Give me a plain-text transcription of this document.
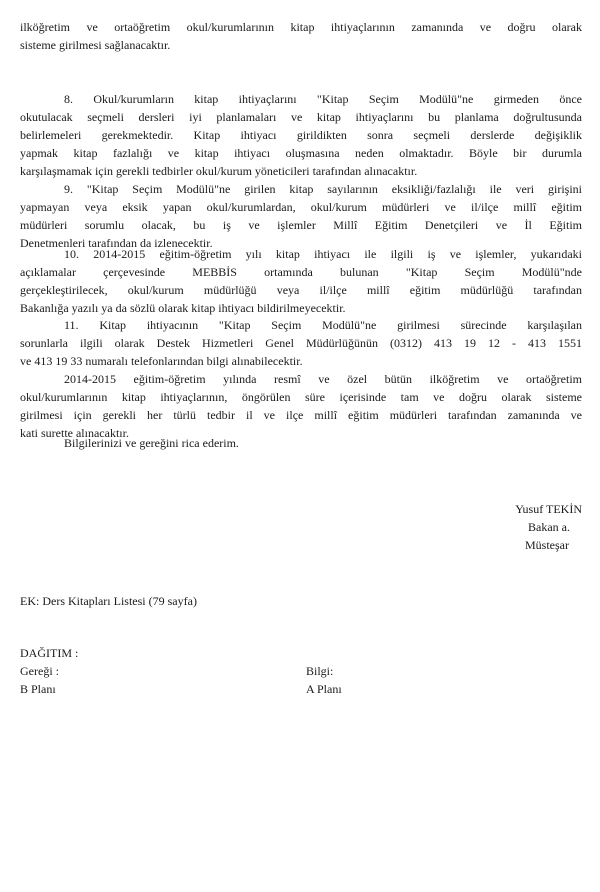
ilköğretim ve ortaöğretim okul/kurumlarının kitap ihtiyaçlarının zamanında ve doğru olarak
sisteme girilmesi sağlanacaktır.
8. Okul/kurumların kitap ihtiyaçlarını "Kitap Seçim Modülü"ne girmeden önce
okutulacak seçmeli dersleri iyi planlamaları ve kitap ihtiyaçlarını bu planlama doğrultusunda
belirlemeleri gerekmektedir. Kitap ihtiyacı girildikten sonra seçmeli derslerde değişiklik
yapmak kitap fazlalığı ve kitap ihtiyacı oluşmasına neden olmaktadır. Böyle bir durumla
karşılaşmamak için gerekli tedbirler okul/kurum yöneticileri tarafından alınacaktır.
9. "Kitap Seçim Modülü"ne girilen kitap sayılarının eksikliği/fazlalığı ile veri girişini
yapmayan veya eksik yapan okul/kurumlardan, okul/kurum müdürleri ve il/ilçe millî eğitim
müdürleri sorumlu olacak, bu iş ve işlemler Millî Eğitim Denetçileri ve İl Eğitim
Denetmenleri tarafından da izlenecektir.
10. 2014-2015 eğitim-öğretim yılı kitap ihtiyacı ile ilgili iş ve işlemler, yukarıdaki
açıklamalar çerçevesinde MEBBİS ortamında bulunan "Kitap Seçim Modülü"nde
gerçekleştirilecek, okul/kurum müdürlüğü veya il/ilçe millî eğitim müdürlüğü tarafından
Bakanlığa yazılı ya da sözlü olarak kitap ihtiyacı bildirilmeyecektir.
11. Kitap ihtiyacının "Kitap Seçim Modülü"ne girilmesi sürecinde karşılaşılan
sorunlarla ilgili olarak Destek Hizmetleri Genel Müdürlüğünün (0312) 413 19 12 - 413 1551
ve 413 19 33 numaralı telefonlarından bilgi alınabilecektir.
2014-2015 eğitim-öğretim yılında resmî ve özel bütün ilköğretim ve ortaöğretim
okul/kurumlarının kitap ihtiyaçlarının, öngörülen süre içerisinde tam ve doğru olarak sisteme
girilmesi için gerekli her türlü tedbir il ve ilçe millî eğitim müdürleri tarafından zamanında ve
kati surette alınacaktır.
Bilgilerinizi ve gereğini rica ederim.
Yusuf TEKİN
Bakan a.
Müsteşar
EK: Ders Kitapları Listesi (79 sayfa)
DAĞITIM :
Gereği :	Bilgi:
B Planı	A Planı
